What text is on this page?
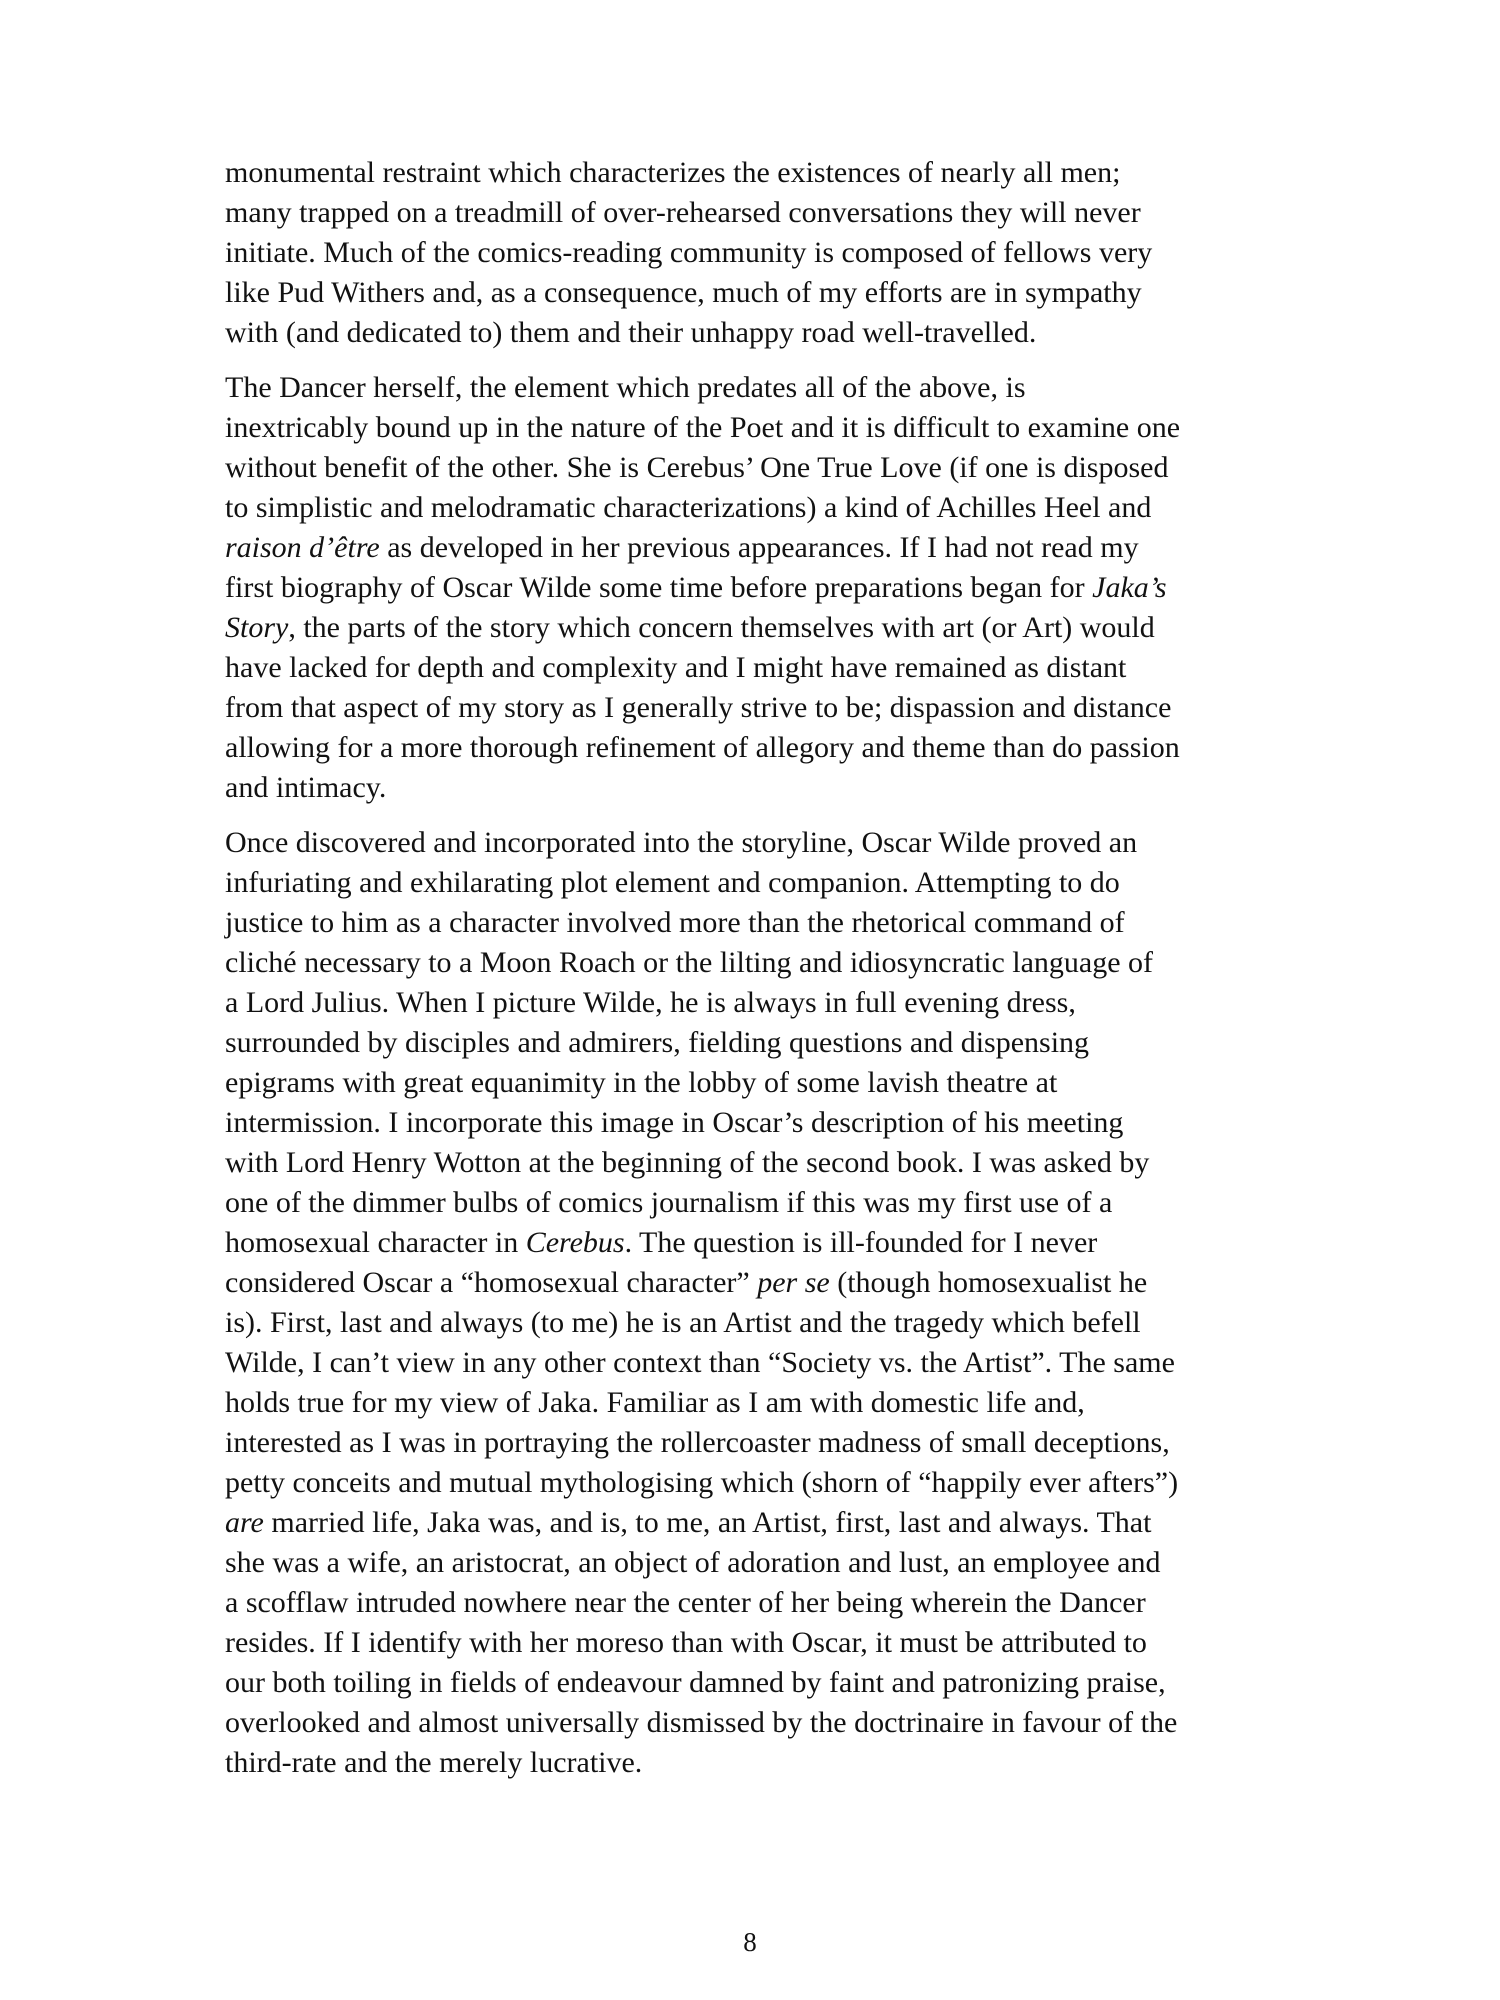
monumental restraint which characterizes the existences of nearly all men;
many trapped on a treadmill of over-rehearsed conversations they will never
initiate. Much of the comics-reading community is composed of fellows very
like Pud Withers and, as a consequence, much of my efforts are in sympathy
with (and dedicated to) them and their unhappy road well-travelled.
The Dancer herself, the element which predates all of the above, is
inextricably bound up in the nature of the Poet and it is difficult to examine one
without benefit of the other. She is Cerebus’ One True Love (if one is disposed
to simplistic and melodramatic characterizations) a kind of Achilles Heel and
raison d’être as developed in her previous appearances. If I had not read my
first biography of Oscar Wilde some time before preparations began for Jaka’s
Story, the parts of the story which concern themselves with art (or Art) would
have lacked for depth and complexity and I might have remained as distant
from that aspect of my story as I generally strive to be; dispassion and distance
allowing for a more thorough refinement of allegory and theme than do passion
and intimacy.
Once discovered and incorporated into the storyline, Oscar Wilde proved an
infuriating and exhilarating plot element and companion. Attempting to do
justice to him as a character involved more than the rhetorical command of
cliché necessary to a Moon Roach or the lilting and idiosyncratic language of
a Lord Julius. When I picture Wilde, he is always in full evening dress,
surrounded by disciples and admirers, fielding questions and dispensing
epigrams with great equanimity in the lobby of some lavish theatre at
intermission. I incorporate this image in Oscar’s description of his meeting
with Lord Henry Wotton at the beginning of the second book. I was asked by
one of the dimmer bulbs of comics journalism if this was my first use of a
homosexual character in Cerebus. The question is ill-founded for I never
considered Oscar a “homosexual character” per se (though homosexualist he
is). First, last and always (to me) he is an Artist and the tragedy which befell
Wilde, I can’t view in any other context than “Society vs. the Artist”. The same
holds true for my view of Jaka. Familiar as I am with domestic life and,
interested as I was in portraying the rollercoaster madness of small deceptions,
petty conceits and mutual mythologising which (shorn of “happily ever afters”)
are married life, Jaka was, and is, to me, an Artist, first, last and always. That
she was a wife, an aristocrat, an object of adoration and lust, an employee and
a scofflaw intruded nowhere near the center of her being wherein the Dancer
resides. If I identify with her moreso than with Oscar, it must be attributed to
our both toiling in fields of endeavour damned by faint and patronizing praise,
overlooked and almost universally dismissed by the doctrinaire in favour of the
third-rate and the merely lucrative.
8
